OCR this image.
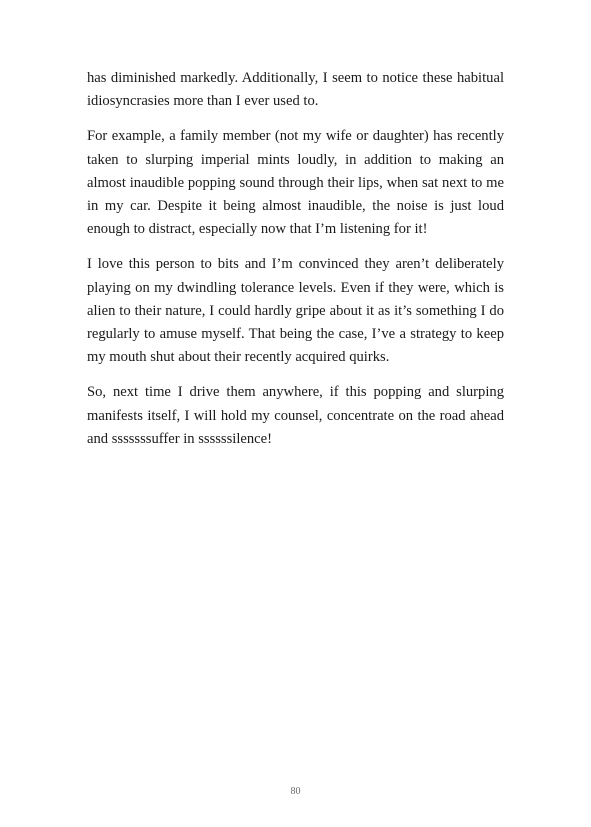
has diminished markedly. Additionally, I seem to notice these habitual idiosyncrasies more than I ever used to.

For example, a family member (not my wife or daughter) has recently taken to slurping imperial mints loudly, in addition to making an almost inaudible popping sound through their lips, when sat next to me in my car. Despite it being almost inaudible, the noise is just loud enough to distract, especially now that I’m listening for it!

I love this person to bits and I’m convinced they aren’t deliberately playing on my dwindling tolerance levels. Even if they were, which is alien to their nature, I could hardly gripe about it as it’s something I do regularly to amuse myself. That being the case, I’ve a strategy to keep my mouth shut about their recently acquired quirks.

So, next time I drive them anywhere, if this popping and slurping manifests itself, I will hold my counsel, concentrate on the road ahead and sssssssuffer in ssssssilence!

80
